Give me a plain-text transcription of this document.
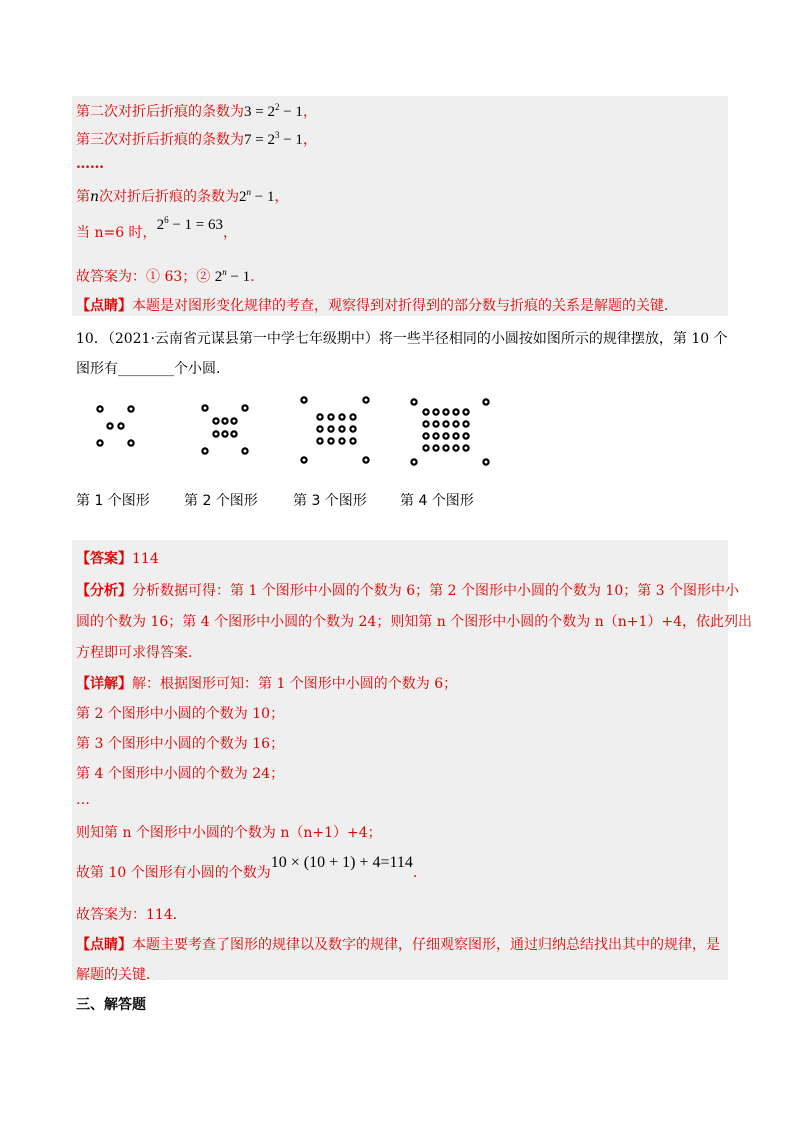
第二次对折后折痕的条数为$3 = 2^2 - 1$，
第三次对折后折痕的条数为$7 = 2^3 - 1$，
……
第n次对折后折痕的条数为$2^n - 1$，
当 n=6 时，$2^6 - 1 = 63$，
故答案为：① 63；② $2^n - 1$．
【点睛】本题是对图形变化规律的考查，观察得到对折得到的部分数与折痕的关系是解题的关键．
10．（2021·云南省元谋县第一中学七年级期中）将一些半径相同的小圆按如图所示的规律摆放，第 10 个
图形有________个小圆．
第 1 个图形 第 2 个图形	第 3 个图形 第 4 个图形
【答案】114
【分析】分析数据可得：第 1 个图形中小圆的个数为 6；第 2 个图形中小圆的个数为 10；第 3 个图形中小
圆的个数为 16；第 4 个图形中小圆的个数为 24；则知第 n 个图形中小圆的个数为 n（n+1）+4，依此列出
方程即可求得答案．
【详解】解：根据图形可知：第 1 个图形中小圆的个数为 6；
第 2 个图形中小圆的个数为 10；
第 3 个图形中小圆的个数为 16；
第 4 个图形中小圆的个数为 24；
…
则知第 n 个图形中小圆的个数为 n（n+1）+4；
故第 10 个图形有小圆的个数为10 × (10 + 1) + 4=114．
故答案为：114．
【点睛】本题主要考查了图形的规律以及数字的规律，仔细观察图形，通过归纳总结找出其中的规律，是
解题的关键．
三、解答题
